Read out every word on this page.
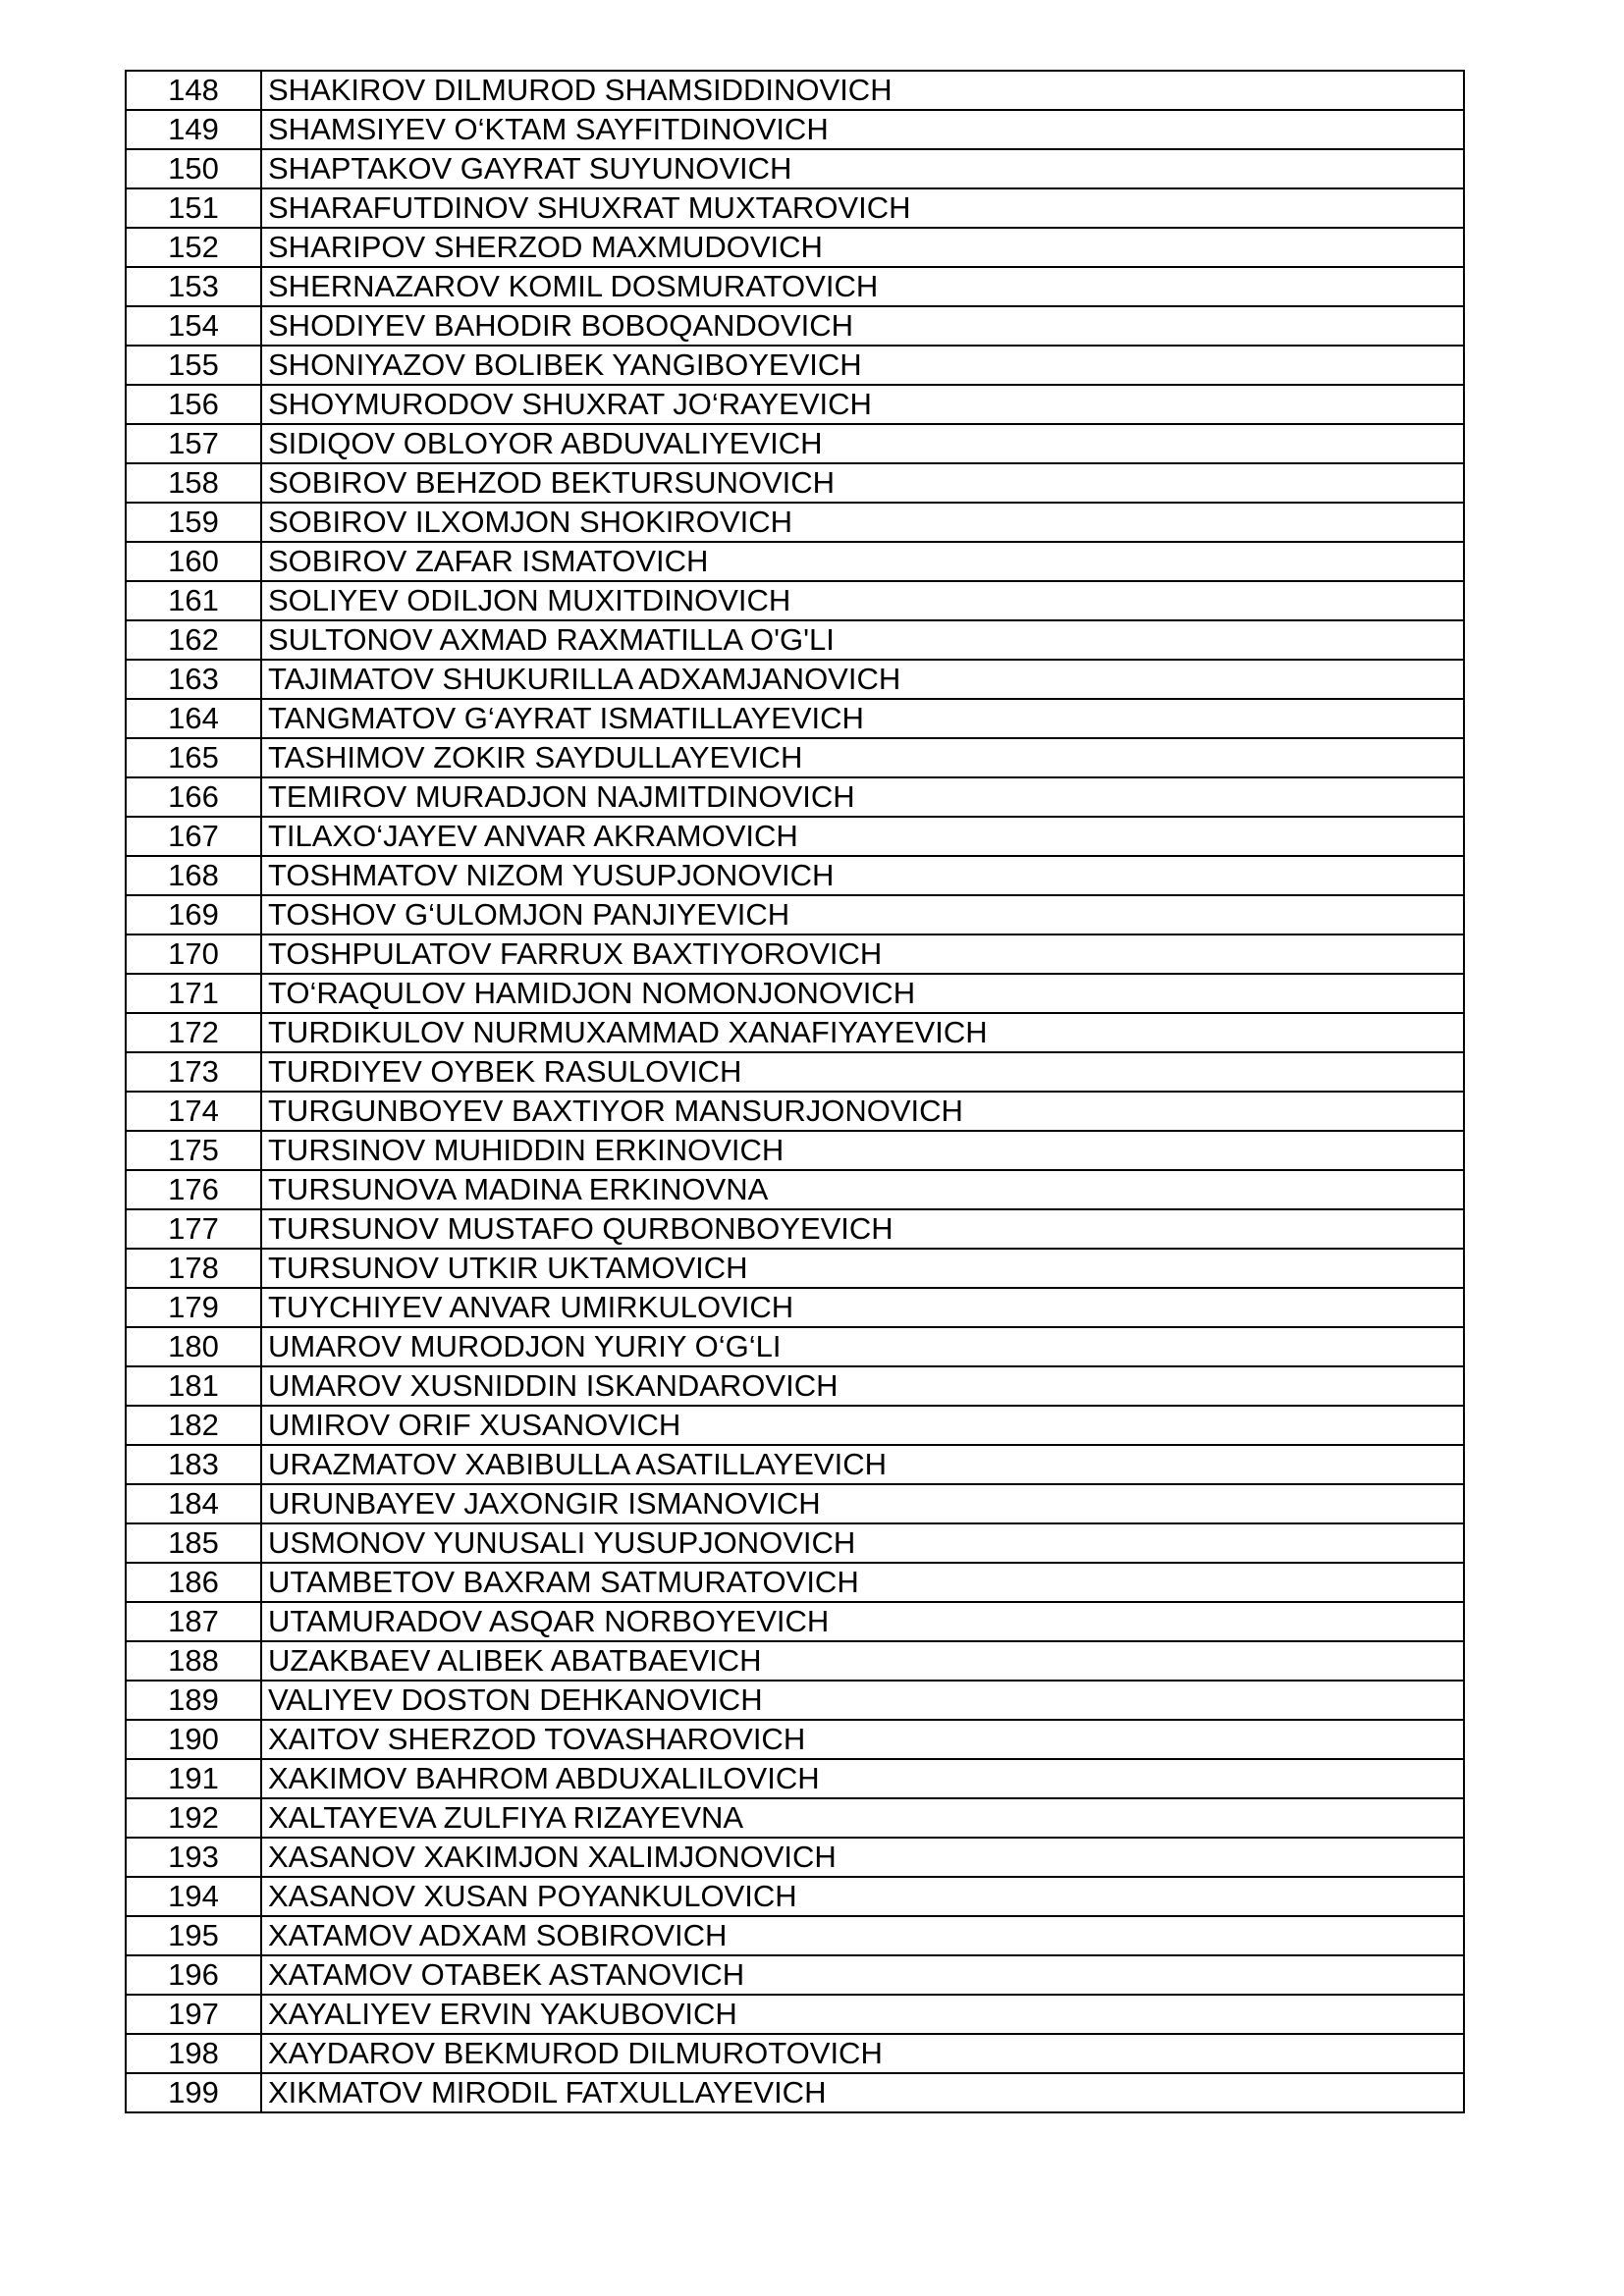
148	SHAKIROV DILMUROD SHAMSIDDINOVICH
149	SHAMSIYEV O‘KTAM SAYFITDINOVICH
150	SHAPTAKOV GAYRAT SUYUNOVICH
151	SHARAFUTDINOV SHUXRAT MUXTAROVICH
152	SHARIPOV SHERZOD MAXMUDOVICH
153	SHERNAZAROV KOMIL DOSMURATOVICH
154	SHODIYEV BAHODIR BOBOQANDOVICH
155	SHONIYAZOV BOLIBEK YANGIBOYEVICH
156	SHOYMURODOV SHUXRAT JO‘RAYEVICH
157	SIDIQOV OBLOYOR ABDUVALIYEVICH
158	SOBIROV BEHZOD BEKTURSUNOVICH
159	SOBIROV ILXOMJON SHOKIROVICH
160	SOBIROV ZAFAR ISMATOVICH
161	SOLIYEV ODILJON MUXITDINOVICH
162	SULTONOV AXMAD RAXMATILLA O'G'LI
163	TAJIMATOV SHUKURILLA ADXAMJANOVICH
164	TANGMATOV G‘AYRAT ISMATILLAYEVICH
165	TASHIMOV ZOKIR SAYDULLAYEVICH
166	TEMIROV MURADJON NAJMITDINOVICH
167	TILAXO‘JAYEV ANVAR AKRAMOVICH
168	TOSHMATOV NIZOM YUSUPJONOVICH
169	TOSHOV G‘ULOMJON PANJIYEVICH
170	TOSHPULATOV FARRUX BAXTIYOROVICH
171	TO‘RAQULOV HAMIDJON NOMONJONOVICH
172	TURDIKULOV NURMUXAMMAD XANAFIYAYEVICH
173	TURDIYEV OYBEK RASULOVICH
174	TURGUNBOYEV BAXTIYOR MANSURJONOVICH
175	TURSINOV MUHIDDIN ERKINOVICH
176	TURSUNOVA MADINA ERKINOVNA
177	TURSUNOV MUSTAFO QURBONBOYEVICH
178	TURSUNOV UTKIR UKTAMOVICH
179	TUYCHIYEV ANVAR UMIRKULOVICH
180	UMAROV MURODJON YURIY O‘G‘LI
181	UMAROV XUSNIDDIN ISKANDAROVICH
182	UMIROV ORIF XUSANOVICH
183	URAZMATOV XABIBULLA ASATILLAYEVICH
184	URUNBAYEV JAXONGIR ISMANOVICH
185	USMONOV YUNUSALI YUSUPJONOVICH
186	UTAMBETOV BAXRAM SATMURATOVICH
187	UTAMURADOV ASQAR NORBOYEVICH
188	UZAKBAEV ALIBEK ABATBAEVICH
189	VALIYEV DOSTON DEHKANOVICH
190	XAITOV SHERZOD TOVASHAROVICH
191	XAKIMOV BAHROM ABDUXALILOVICH
192	XALTAYEVA ZULFIYA RIZAYEVNA
193	XASANOV XAKIMJON XALIMJONOVICH
194	XASANOV XUSAN POYANKULOVICH
195	XATAMOV ADXAM SOBIROVICH
196	XATAMOV OTABEK ASTANOVICH
197	XAYALIYEV ERVIN YAKUBOVICH
198	XAYDAROV BEKMUROD DILMUROTOVICH
199	XIKMATOV MIRODIL FATXULLAYEVICH
